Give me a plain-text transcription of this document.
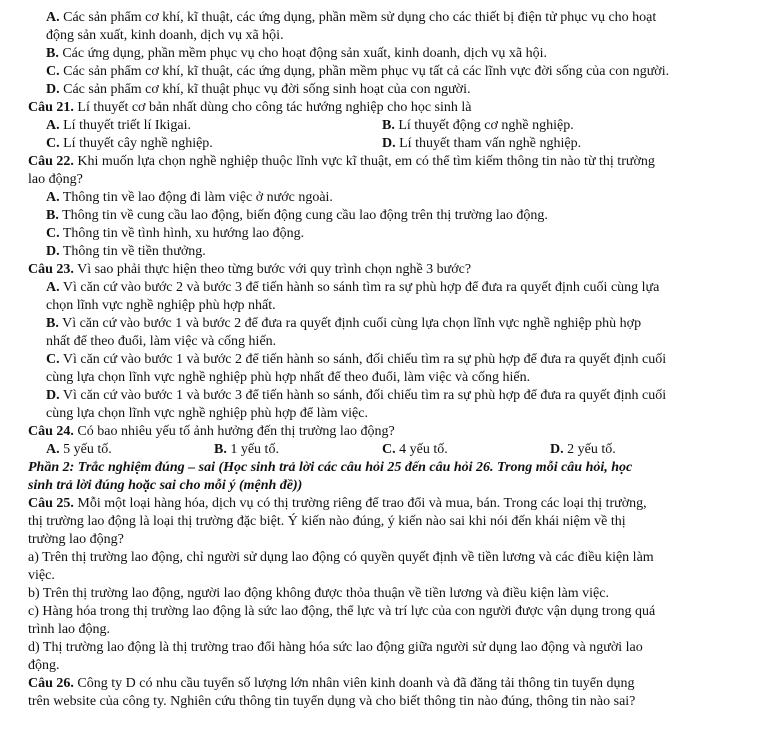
A. Các sản phẩm cơ khí, kĩ thuật, các ứng dụng, phần mềm sử dụng cho các thiết bị điện tử phục vụ cho hoạt
động sản xuất, kinh doanh, dịch vụ xã hội.
B. Các ứng dụng, phần mềm phục vụ cho hoạt động sản xuất, kinh doanh, dịch vụ xã hội.
C. Các sản phẩm cơ khí, kĩ thuật, các ứng dụng, phần mềm phục vụ tất cả các lĩnh vực đời sống của con người.
D. Các sản phẩm cơ khí, kĩ thuật phục vụ đời sống sinh hoạt của con người.
Câu 21. Lí thuyết cơ bản nhất dùng cho công tác hướng nghiệp cho học sinh là
A. Lí thuyết triết lí Ikigai.	B. Lí thuyết động cơ nghề nghiệp.
C. Lí thuyết cây nghề nghiệp.	D. Lí thuyết tham vấn nghề nghiệp.
Câu 22. Khi muốn lựa chọn nghề nghiệp thuộc lĩnh vực kĩ thuật, em có thể tìm kiếm thông tin nào từ thị trường
lao động?
A. Thông tin về lao động đi làm việc ở nước ngoài.
B. Thông tin về cung cầu lao động, biến động cung cầu lao động trên thị trường lao động.
C. Thông tin về tình hình, xu hướng lao động.
D. Thông tin về tiền thưởng.
Câu 23. Vì sao phải thực hiện theo từng bước với quy trình chọn nghề 3 bước?
A. Vì căn cứ vào bước 2 và bước 3 để tiến hành so sánh tìm ra sự phù hợp để đưa ra quyết định cuối cùng lựa
chọn lĩnh vực nghề nghiệp phù hợp nhất.
B. Vì căn cứ vào bước 1 và bước 2 để đưa ra quyết định cuối cùng lựa chọn lĩnh vực nghề nghiệp phù hợp
nhất để theo đuổi, làm việc và cống hiến.
C. Vì căn cứ vào bước 1 và bước 2 để tiến hành so sánh, đối chiếu tìm ra sự phù hợp để đưa ra quyết định cuối
cùng lựa chọn lĩnh vực nghề nghiệp phù hợp nhất để theo đuổi, làm việc và cống hiến.
D. Vì căn cứ vào bước 1 và bước 3 để tiến hành so sánh, đối chiếu tìm ra sự phù hợp để đưa ra quyết định cuối
cùng lựa chọn lĩnh vực nghề nghiệp phù hợp để làm việc.
Câu 24. Có bao nhiêu yếu tố ảnh hưởng đến thị trường lao động?
A. 5 yếu tố.	B. 1 yếu tố.	C. 4 yếu tố.	D. 2 yếu tố.
Phần 2: Trắc nghiệm đúng – sai (Học sinh trả lời các câu hỏi 25 đến câu hỏi 26. Trong mỗi câu hỏi, học
sinh trả lời đúng hoặc sai cho mỗi ý (mệnh đề))
Câu 25. Mỗi một loại hàng hóa, dịch vụ có thị trường riêng để trao đổi và mua, bán. Trong các loại thị trường,
thị trường lao động là loại thị trường đặc biệt. Ý kiến nào đúng, ý kiến nào sai khi nói đến khái niệm về thị
trường lao động?
a) Trên thị trường lao động, chỉ người sử dụng lao động có quyền quyết định về tiền lương và các điều kiện làm
việc.
b) Trên thị trường lao động, người lao động không được thỏa thuận về tiền lương và điều kiện làm việc.
c) Hàng hóa trong thị trường lao động là sức lao động, thể lực và trí lực của con người được vận dụng trong quá
trình lao động.
d) Thị trường lao động là thị trường trao đổi hàng hóa sức lao động giữa người sử dụng lao động và người lao
động.
Câu 26. Công ty D có nhu cầu tuyển số lượng lớn nhân viên kinh doanh và đã đăng tải thông tin tuyển dụng
trên website của công ty. Nghiên cứu thông tin tuyển dụng và cho biết thông tin nào đúng, thông tin nào sai?
